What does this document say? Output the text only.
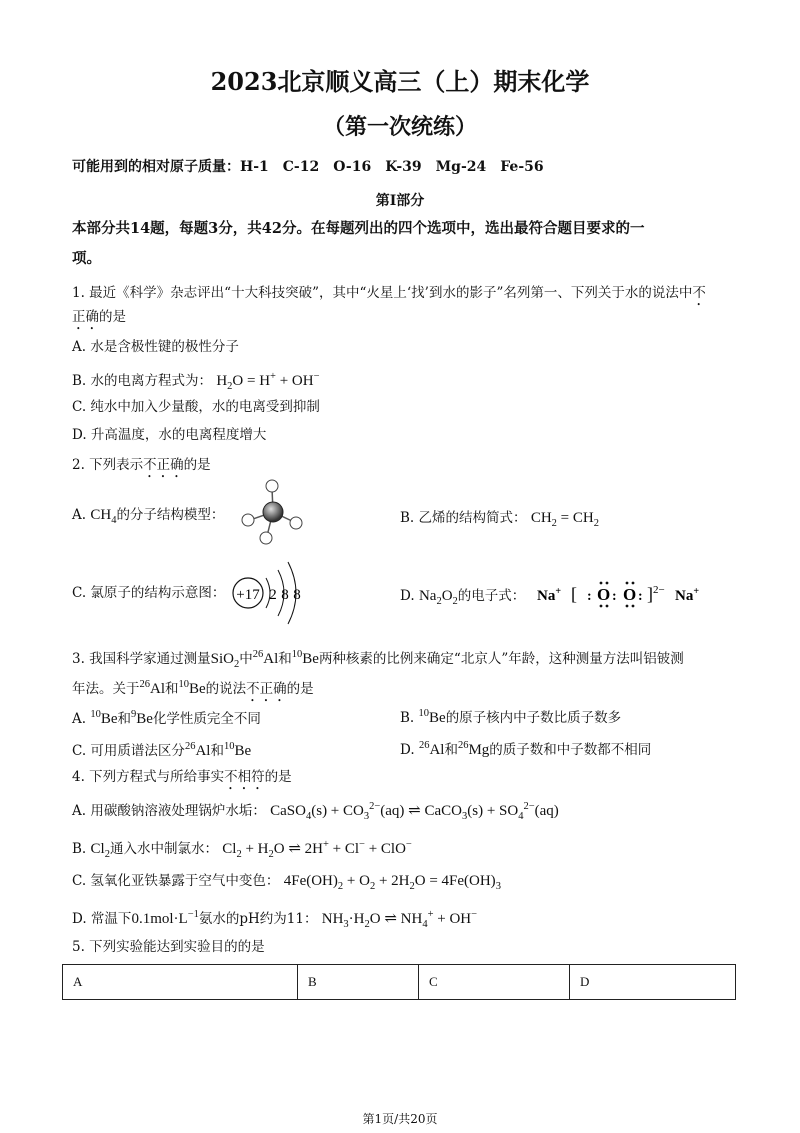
2023北京顺义高三（上）期末化学
（第一次统练）
可能用到的相对原子质量：H-1　C-12　O-16　K-39　Mg-24　Fe-56
第I部分
本部分共14题，每题3分，共42分。在每题列出的四个选项中，选出最符合题目要求的一
项。
1. 最近《科学》杂志评出“十大科技突破”，其中“火星上‘找’到水的影子”名列第一、下列关于水的说法中不
正确的是
A. 水是含极性键的极性分子
B. 水的电离方程式为： $H_2O = H^+ + OH^-$
C. 纯水中加入少量酸，水的电离受到抑制
D. 升高温度，水的电离程度增大
2. 下列表示不正确的是
A. $CH_4$的分子结构模型：	B. 乙烯的结构简式： $CH_2 = CH_2$
C. 氯原子的结构示意图： +17 2 8 8	D. $Na_2O_2$的电子式： Na+ [ : O : O : ] 2− Na+
3. 我国科学家通过测量SiO$_2$中$^{26}$Al和$^{10}$Be两种核素的比例来确定“北京人”年龄，这种测量方法叫铝铍测
年法。关于$^{26}$Al和$^{10}$Be的说法不正确的是
A. $^{10}$Be和$^9$Be化学性质完全不同	B. $^{10}$Be的原子核内中子数比质子数多
C. 可用质谱法区分$^{26}$Al和$^{10}$Be	D. $^{26}$Al和$^{26}$Mg的质子数和中子数都不相同
4. 下列方程式与所给事实不相符的是
A. 用碳酸钠溶液处理锅炉水垢： CaSO$_4$(s) + $CO_3^{2-}(aq)$ ⇌ CaCO$_3$(s) + $SO_4^{2-}(aq)$
B. $Cl_2$通入水中制氯水： $Cl_2 + H_2O$ ⇌ 2H+ + Cl− + ClO−
C. 氢氧化亚铁暴露于空气中变色： $4Fe(OH)_2 + O_2 + 2H_2O = 4Fe(OH)_3$
D. 常温下$0.1mol\cdot L^{-1}$氨水的pH约为11： $NH_3\cdot H_2O$ ⇌ $NH_4^+ + OH^-$
5. 下列实验能达到实验目的的是
A	B	C	D
第1页/共20页
